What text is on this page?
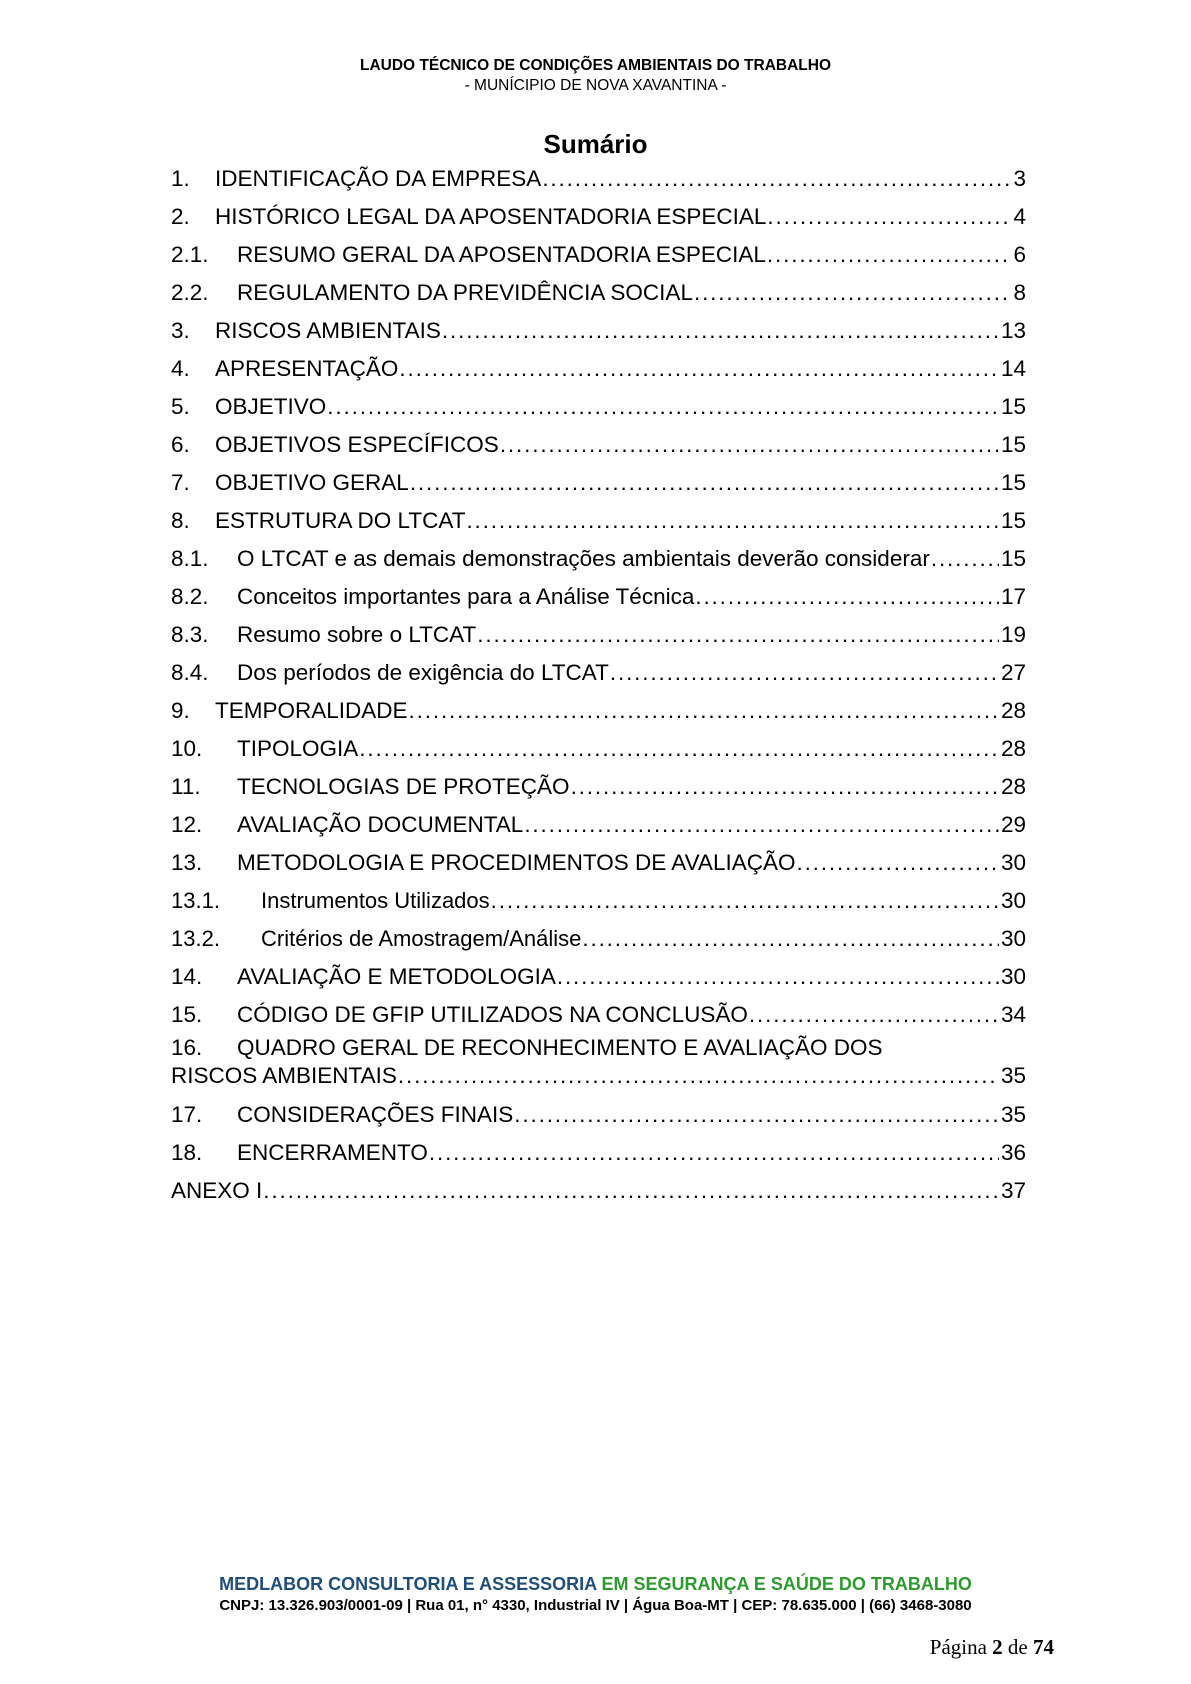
LAUDO TÉCNICO DE CONDIÇÕES AMBIENTAIS DO TRABALHO
- MUNÍCIPIO DE NOVA XAVANTINA -
Sumário
1.	IDENTIFICAÇÃO DA EMPRESA . . .	3
2.	HISTÓRICO LEGAL DA APOSENTADORIA ESPECIAL . . .	4
2.1.	RESUMO GERAL DA APOSENTADORIA ESPECIAL . . .	6
2.2.	REGULAMENTO DA PREVIDÊNCIA SOCIAL . . .	8
3.	RISCOS AMBIENTAIS . . .	13
4.	APRESENTAÇÃO . . .	14
5.	OBJETIVO . . .	15
6.	OBJETIVOS ESPECÍFICOS . . .	15
7.	OBJETIVO GERAL . . .	15
8.	ESTRUTURA DO LTCAT . . .	15
8.1.	O LTCAT e as demais demonstrações ambientais deverão considerar . . .	15
8.2.	Conceitos importantes para a Análise Técnica . . .	17
8.3.	Resumo sobre o LTCAT . . .	19
8.4.	Dos períodos de exigência do LTCAT . . .	27
9.	TEMPORALIDADE . . .	28
10.	TIPOLOGIA . . .	28
11.	TECNOLOGIAS DE PROTEÇÃO . . .	28
12.	AVALIAÇÃO DOCUMENTAL . . .	29
13.	METODOLOGIA E PROCEDIMENTOS DE AVALIAÇÃO . . .	30
13.1.	Instrumentos Utilizados . . .	30
13.2.	Critérios de Amostragem/Análise . . .	30
14.	AVALIAÇÃO E METODOLOGIA . . .	30
15.	CÓDIGO DE GFIP UTILIZADOS NA CONCLUSÃO . . .	34
16.	QUADRO GERAL DE RECONHECIMENTO E AVALIAÇÃO DOS
RISCOS AMBIENTAIS . . .	35
17.	CONSIDERAÇÕES FINAIS . . .	35
18.	ENCERRAMENTO . . .	36
ANEXO I . . .	37
MEDLABOR CONSULTORIA E ASSESSORIA EM SEGURANÇA E SAÚDE DO TRABALHO
CNPJ: 13.326.903/0001-09 | Rua 01, n° 4330, Industrial IV | Água Boa-MT | CEP: 78.635.000 | (66) 3468-3080
Página 2 de 74
